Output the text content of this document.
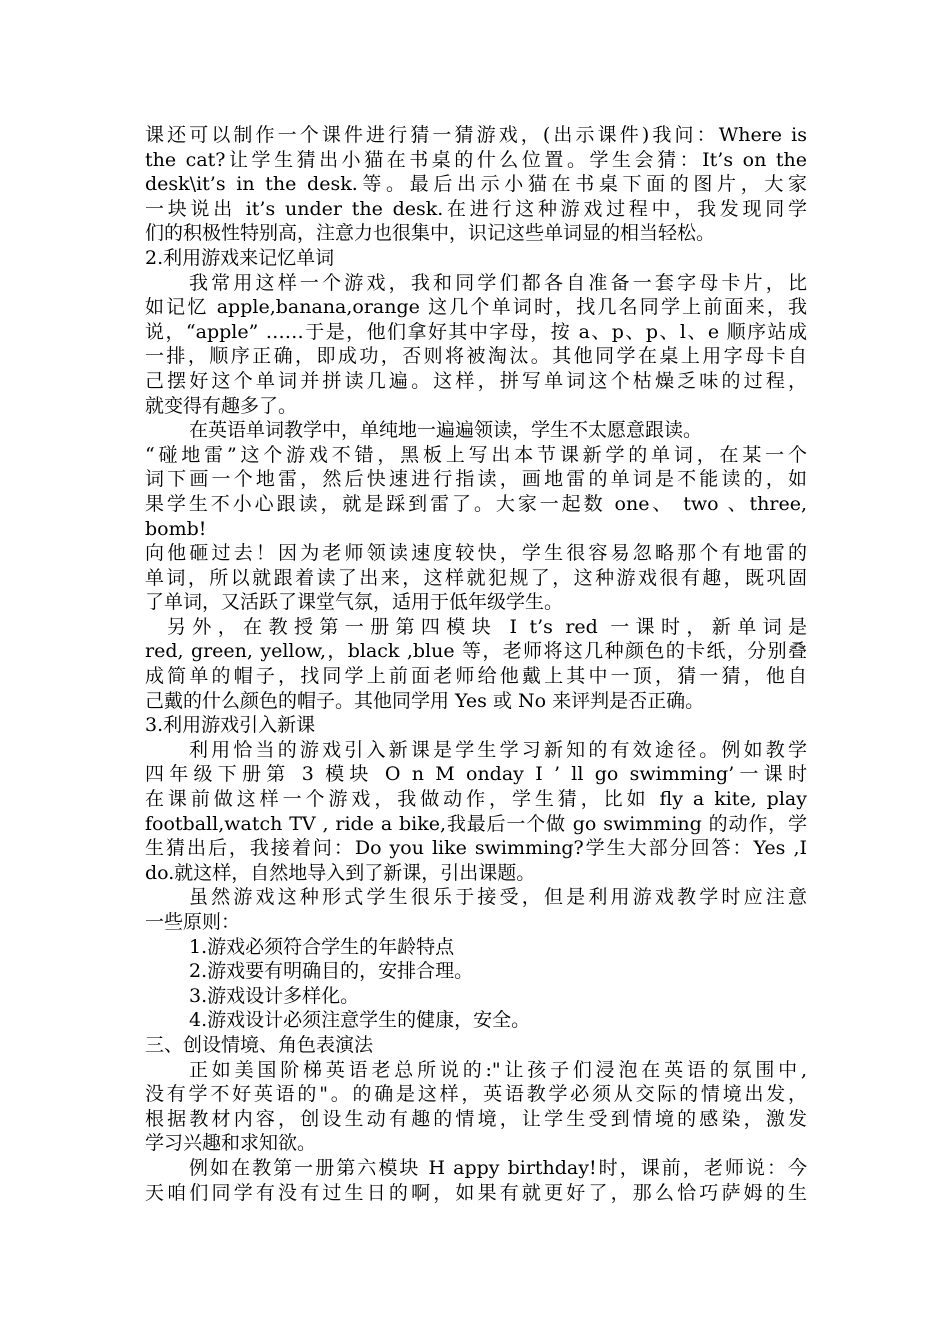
课还可以制作一个课件进行猜一猜游戏，(出示课件)我问：Where is
the cat?让学生猜出小猫在书桌的什么位置。学生会猜：It’s on the
desk\it’s in the desk.等。最后出示小猫在书桌下面的图片，大家
一块说出 it’s under the desk.在进行这种游戏过程中，我发现同学
们的积极性特别高，注意力也很集中，识记这些单词显的相当轻松。
2.利用游戏来记忆单词
我常用这样一个游戏，我和同学们都各自准备一套字母卡片，比
如记忆 apple,banana,orange 这几个单词时，找几名同学上前面来，我
说，“apple” ……于是，他们拿好其中字母，按 a、p、p、l、e 顺序站成
一排，顺序正确，即成功，否则将被淘汰。其他同学在桌上用字母卡自
己摆好这个单词并拼读几遍。这样，拼写单词这个枯燥乏味的过程，
就变得有趣多了。
在英语单词教学中，单纯地一遍遍领读，学生不太愿意跟读。
“碰地雷”这个游戏不错，黑板上写出本节课新学的单词，在某一个
词下画一个地雷，然后快速进行指读，画地雷的单词是不能读的，如
果学生不小心跟读，就是踩到雷了。大家一起数 one、 two 、three,
bomb!
向他砸过去！因为老师领读速度较快，学生很容易忽略那个有地雷的
单词，所以就跟着读了出来，这样就犯规了，这种游戏很有趣，既巩固
了单词，又活跃了课堂气氛，适用于低年级学生。
另外，在教授第一册第四模块 I t’s red 一课时，新单词是
red, green, yellow,，black ,blue 等，老师将这几种颜色的卡纸，分别叠
成简单的帽子，找同学上前面老师给他戴上其中一顶，猜一猜，他自
己戴的什么颜色的帽子。其他同学用 Yes 或 No 来评判是否正确。
3.利用游戏引入新课
利用恰当的游戏引入新课是学生学习新知的有效途径。例如教学
四年级下册第 3 模块 O n M onday I ’ ll go swimming’一课时
在课前做这样一个游戏，我做动作，学生猜，比如 fly a kite, play
football,watch TV , ride a bike,我最后一个做 go swimming 的动作，学
生猜出后，我接着问：Do you like swimming?学生大部分回答：Yes ,I
do.就这样，自然地导入到了新课，引出课题。
虽然游戏这种形式学生很乐于接受，但是利用游戏教学时应注意
一些原则：
1.游戏必须符合学生的年龄特点
2.游戏要有明确目的，安排合理。
3.游戏设计多样化。
4.游戏设计必须注意学生的健康，安全。
三、创设情境、角色表演法
正如美国阶梯英语老总所说的:"让孩子们浸泡在英语的氛围中,
没有学不好英语的"。的确是这样，英语教学必须从交际的情境出发，
根据教材内容，创设生动有趣的情境，让学生受到情境的感染，激发
学习兴趣和求知欲。
例如在教第一册第六模块 H appy birthday!时，课前，老师说：今
天咱们同学有没有过生日的啊，如果有就更好了，那么恰巧萨姆的生
